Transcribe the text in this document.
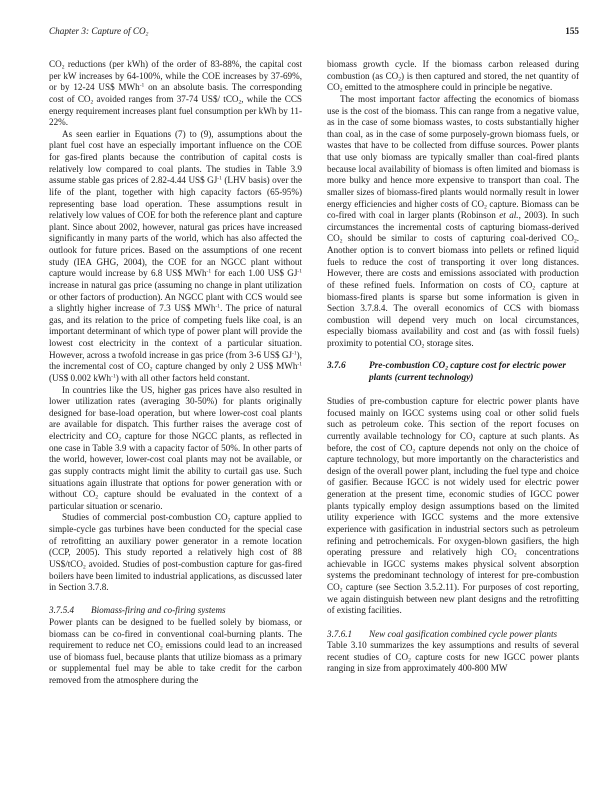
Chapter 3: Capture of $CO_2$	155

$CO_2$ reductions (per kWh) of the order of 83-88%, the capital cost per kW increases by 64-100%, while the COE increases by 37-69%, or by 12-24 US$ MWh$^{-1}$ on an absolute basis. The corresponding cost of $CO_2$ avoided ranges from 37-74 US$/ tCO$_2$, while the CCS energy requirement increases plant fuel consumption per kWh by 11-22%.

As seen earlier in Equations (7) to (9), assumptions about the plant fuel cost have an especially important influence on the COE for gas-fired plants because the contribution of capital costs is relatively low compared to coal plants. The studies in Table 3.9 assume stable gas prices of 2.82-4.44 US$ $GJ^{-1}$ (LHV basis) over the life of the plant, together with high capacity factors (65-95%) representing base load operation. These assumptions result in relatively low values of COE for both the reference plant and capture plant. Since about 2002, however, natural gas prices have increased significantly in many parts of the world, which has also affected the outlook for future prices. Based on the assumptions of one recent study (IEA GHG, 2004), the COE for an NGCC plant without capture would increase by 6.8 US$ MWh$^{-1}$ for each 1.00 US$ $GJ^{-1}$ increase in natural gas price (assuming no change in plant utilization or other factors of production). An NGCC plant with CCS would see a slightly higher increase of 7.3 US$ MWh$^{-1}$. The price of natural gas, and its relation to the price of competing fuels like coal, is an important determinant of which type of power plant will provide the lowest cost electricity in the context of a particular situation. However, across a twofold increase in gas price (from 3-6 US$ $GJ^{-1}$), the incremental cost of $CO_2$ capture changed by only 2 US$ MWh$^{-1}$ (US$ 0.002 kWh$^{-1}$) with all other factors held constant.

In countries like the US, higher gas prices have also resulted in lower utilization rates (averaging 30-50%) for plants originally designed for base-load operation, but where lower-cost coal plants are available for dispatch. This further raises the average cost of electricity and $CO_2$ capture for those NGCC plants, as reflected in one case in Table 3.9 with a capacity factor of 50%. In other parts of the world, however, lower-cost coal plants may not be available, or gas supply contracts might limit the ability to curtail gas use. Such situations again illustrate that options for power generation with or without $CO_2$ capture should be evaluated in the context of a particular situation or scenario.

Studies of commercial post-combustion $CO_2$ capture applied to simple-cycle gas turbines have been conducted for the special case of retrofitting an auxiliary power generator in a remote location (CCP, 2005). This study reported a relatively high cost of 88 US$/tCO$_2$ avoided. Studies of post-combustion capture for gas-fired boilers have been limited to industrial applications, as discussed later in Section 3.7.8.

3.7.5.4 Biomass-firing and co-firing systems

Power plants can be designed to be fuelled solely by biomass, or biomass can be co-fired in conventional coal-burning plants. The requirement to reduce net $CO_2$ emissions could lead to an increased use of biomass fuel, because plants that utilize biomass as a primary or supplemental fuel may be able to take credit for the carbon removed from the atmosphere during the

biomass growth cycle. If the biomass carbon released during combustion (as $CO_2$) is then captured and stored, the net quantity of $CO_2$ emitted to the atmosphere could in principle be negative.

The most important factor affecting the economics of biomass use is the cost of the biomass. This can range from a negative value, as in the case of some biomass wastes, to costs substantially higher than coal, as in the case of some purposely-grown biomass fuels, or wastes that have to be collected from diffuse sources. Power plants that use only biomass are typically smaller than coal-fired plants because local availability of biomass is often limited and biomass is more bulky and hence more expensive to transport than coal. The smaller sizes of biomass-fired plants would normally result in lower energy efficiencies and higher costs of $CO_2$ capture. Biomass can be co-fired with coal in larger plants (Robinson et al., 2003). In such circumstances the incremental costs of capturing biomass-derived $CO_2$ should be similar to costs of capturing coal-derived $CO_2$. Another option is to convert biomass into pellets or refined liquid fuels to reduce the cost of transporting it over long distances. However, there are costs and emissions associated with production of these refined fuels. Information on costs of $CO_2$ capture at biomass-fired plants is sparse but some information is given in Section 3.7.8.4. The overall economics of CCS with biomass combustion will depend very much on local circumstances, especially biomass availability and cost and (as with fossil fuels) proximity to potential $CO_2$ storage sites.

3.7.6	Pre-combustion $CO_2$ capture cost for electric power plants (current technology)

Studies of pre-combustion capture for electric power plants have focused mainly on IGCC systems using coal or other solid fuels such as petroleum coke. This section of the report focuses on currently available technology for $CO_2$ capture at such plants. As before, the cost of $CO_2$ capture depends not only on the choice of capture technology, but more importantly on the characteristics and design of the overall power plant, including the fuel type and choice of gasifier. Because IGCC is not widely used for electric power generation at the present time, economic studies of IGCC power plants typically employ design assumptions based on the limited utility experience with IGCC systems and the more extensive experience with gasification in industrial sectors such as petroleum refining and petrochemicals. For oxygen-blown gasifiers, the high operating pressure and relatively high $CO_2$ concentrations achievable in IGCC systems makes physical solvent absorption systems the predominant technology of interest for pre-combustion $CO_2$ capture (see Section 3.5.2.11). For purposes of cost reporting, we again distinguish between new plant designs and the retrofitting of existing facilities.

3.7.6.1 New coal gasification combined cycle power plants

Table 3.10 summarizes the key assumptions and results of several recent studies of $CO_2$ capture costs for new IGCC power plants ranging in size from approximately 400-800 MW
